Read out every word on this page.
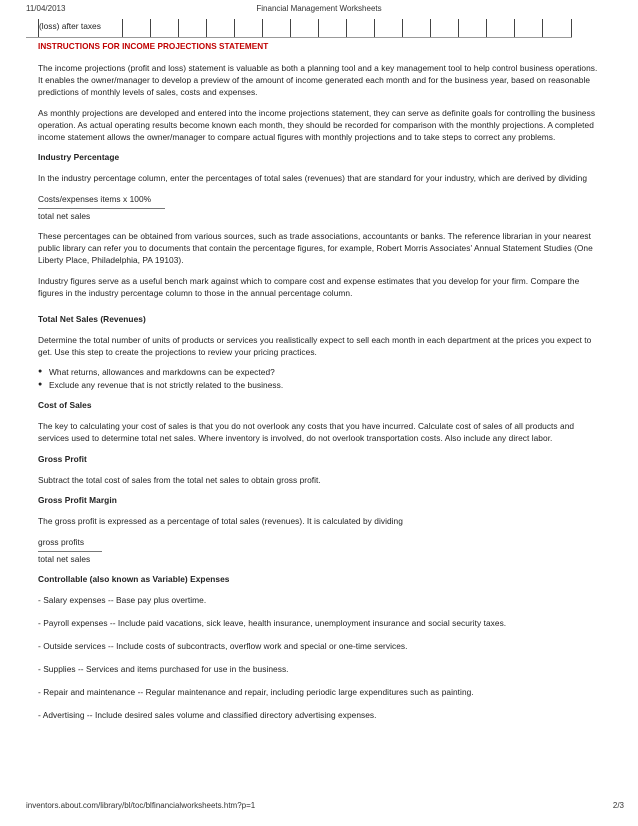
11/04/2013	Financial Management Worksheets
(loss) after taxes

INSTRUCTIONS FOR INCOME PROJECTIONS STATEMENT

The income projections (profit and loss) statement is valuable as both a planning tool and a key management tool to help control business operations. It enables the owner/manager to develop a preview of the amount of income generated each month and for the business year, based on reasonable predictions of monthly levels of sales, costs and expenses.

As monthly projections are developed and entered into the income projections statement, they can serve as definite goals for controlling the business operation. As actual operating results become known each month, they should be recorded for comparison with the monthly projections. A completed income statement allows the owner/manager to compare actual figures with monthly projections and to take steps to correct any problems.

Industry Percentage

In the industry percentage column, enter the percentages of total sales (revenues) that are standard for your industry, which are derived by dividing

Costs/expenses items x 100%
total net sales

These percentages can be obtained from various sources, such as trade associations, accountants or banks. The reference librarian in your nearest public library can refer you to documents that contain the percentage figures, for example, Robert Morris Associates' Annual Statement Studies (One Liberty Place, Philadelphia, PA 19103).

Industry figures serve as a useful bench mark against which to compare cost and expense estimates that you develop for your firm. Compare the figures in the industry percentage column to those in the annual percentage column.

Total Net Sales (Revenues)

Determine the total number of units of products or services you realistically expect to sell each month in each department at the prices you expect to get. Use this step to create the projections to review your pricing practices.

● What returns, allowances and markdowns can be expected?
● Exclude any revenue that is not strictly related to the business.

Cost of Sales

The key to calculating your cost of sales is that you do not overlook any costs that you have incurred. Calculate cost of sales of all products and services used to determine total net sales. Where inventory is involved, do not overlook transportation costs. Also include any direct labor.

Gross Profit

Subtract the total cost of sales from the total net sales to obtain gross profit.

Gross Profit Margin

The gross profit is expressed as a percentage of total sales (revenues). It is calculated by dividing

gross profits
total net sales

Controllable (also known as Variable) Expenses

- Salary expenses -- Base pay plus overtime.

- Payroll expenses -- Include paid vacations, sick leave, health insurance, unemployment insurance and social security taxes.

- Outside services -- Include costs of subcontracts, overflow work and special or one-time services.

- Supplies -- Services and items purchased for use in the business.

- Repair and maintenance -- Regular maintenance and repair, including periodic large expenditures such as painting.

- Advertising -- Include desired sales volume and classified directory advertising expenses.

inventors.about.com/library/bl/toc/blfinancialworksheets.htm?p=1	2/3
